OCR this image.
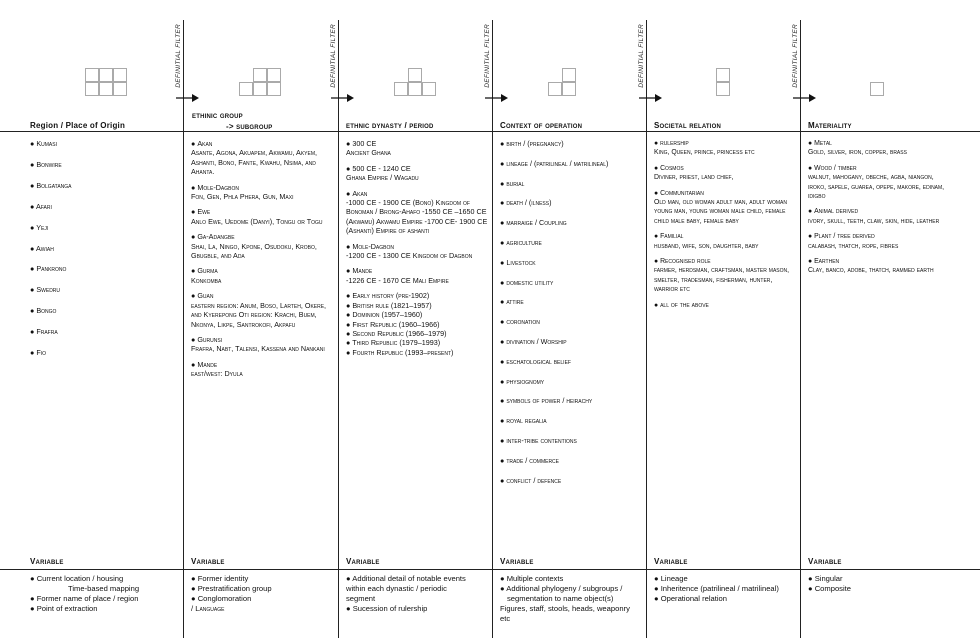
DEFINITIAL FILTER	DEFINITIAL FILTER	DEFINITIAL FILTER	DEFINITIAL FILTER	DEFINITIAL FILTER
Region / Place of Origin
● Kumasi
● Bonwire
● Bolgatanga
● Afari
● Yeji
● Awiah
● Pankrono
● Swedru
● Bongo
● Frafra
● Fio
ethinic group
-> subgroup
● Akan
Asante, Agona, Akuapem, Akwamu, Akyem, Ashanti, Bono, Fante, Kwahu, Nsima, and Ahanta.
● Mole-Dagbon
Fon, Gen, Phla Phera, Gun, Maxi
● Ewe
Anlo Ewe, Uedome (Danyi), Tongu or Togu
● Ga-Adangbe
Shai, La, Ningo, Kpone, Osudoku, Krobo, Gbugble, and Ada
● Gurma
Konkomba
● Guan
eastern region: Anum, Boso, Larteh, Okere, and Kyerepong Oti region: Krachi, Buem, Nkonya, Likpe, Santrokofi, Akpafu
● Gurunsi
Frafra, Nabt, Talensi, Kassena and Nankani
● Mande
east/west: Dyula
ethnic dynasty / period
● 300 CE
Ancient Ghana
● 500 CE - 1240 CE
Ghana Empire / Wagadu
● Akan
-1000 CE - 1900 CE (Bono) Kingdom of Bonoman / Brong-Ahafo -1550 CE –1650 CE (Akwamu) Akwamu Empire -1700 CE- 1900 CE (Ashanti) Empire of ashanti
● Mole-Dagbon
-1200 CE - 1300 CE Kingdom of Dagbon
● Mande
-1226 CE - 1670 CE Mali Empire
● Early history (pre-1902)
● British rule (1821–1957)
● Dominion (1957–1960)
● First Republic (1960–1966)
● Second Republic (1966–1979)
● Third Republic (1979–1993)
● Fourth Republic (1993–present)
Context of operation
● birth / (pregnancy)
● lineage / (patrilineal / matrilineal)
● burial
● death / (ilness)
● marraige / Coupling
● agriculture
● Livestock
● domestic utility
● attire
● coronation
● divination / Worship
● eschatological belief
● physiognomy
● symbols of power / heirachy
● royal regalia
● inter-tribe contentions
● trade / commerce
● conflict / defence
Societal relation
● rulership
King, Queen, prince, princess etc
● Cosmos
Diviner, priest, land chief,
● Communitarian
Old man, old woman adult man, adult woman young man, young woman male child, female child male baby, female baby
● Familial
husband, wife, son, daughter, baby
● Recognised role
farmer, herdsman, craftsman, master mason, smelter, tradesman, fisherman, hunter, warrior etc
● all of the above
Materiality
● Metal
Gold, silver, iron, copper, brass
● Wood / timber
walnut, mahogany, obeche, agba, niangon, iroko, sapele, guarea, opepe, makore, edinam, idigbo
● Animal derived
ivory, skull, teeth, claw, skin, hide, leather
● Plant / tree derived
calabash, thatch, rope, fibres
● Earthen
Clay, banco, adobe, thatch, rammed earth
Variable	Variable	Variable	Variable	Variable	Variable
● Current location / housing
Time-based mapping
● Former name of place / region
● Point of extraction
● Former identity
● Prestratification group
● Conglomoration
/ Language
● Additional detail of notable events
within each dynastic / periodic
segment
● Sucession of rulership
● Multiple contexts
● Additional phylogeny / subgroups /
segmentation to name object(s)
Figures, staff, stools, heads, weaponry
etc
● Lineage
● Inheritence (patrilineal / matrilineal)
● Operational relation
● Singular
● Composite
